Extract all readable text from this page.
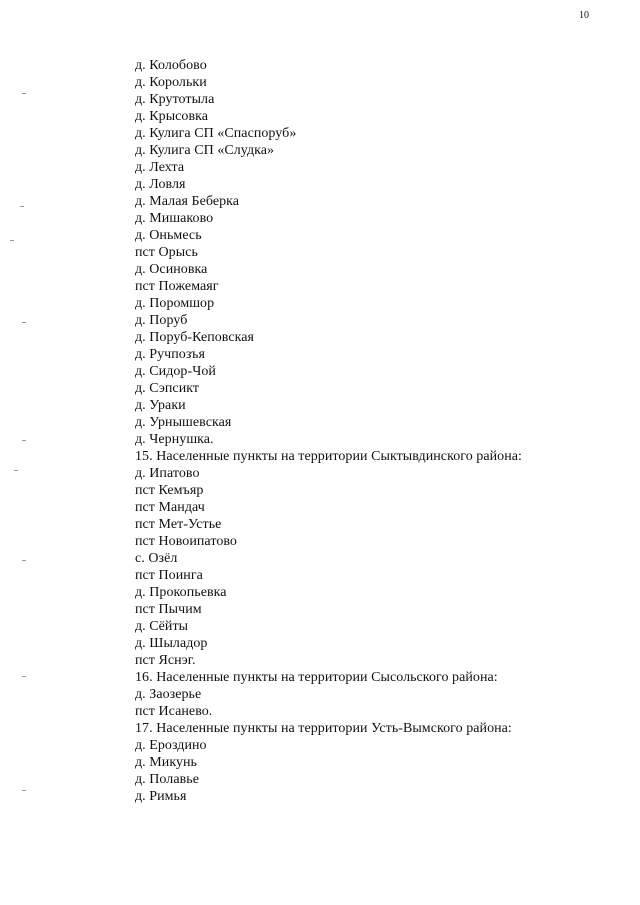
10
д. Колобово
д. Корольки
д. Крутотыла
д. Крысовка
д. Кулига СП «Спаспоруб»
д. Кулига СП «Слудка»
д. Лехта
д. Ловля
д. Малая Беберка
д. Мишаково
д. Оньмесь
пст Орысь
д. Осиновка
пст Пожемаяг
д. Поромшор
д. Поруб
д. Поруб-Кеповская
д. Ручпозъя
д. Сидор-Чой
д. Сэпсикт
д. Ураки
д. Урнышевская
д. Чернушка.
15. Населенные пункты на территории Сыктывдинского района:
д. Ипатово
пст Кемъяр
пст Мандач
пст Мет-Устье
пст Новоипатово
с. Озёл
пст Поинга
д. Прокопьевка
пст Пычим
д. Сёйты
д. Шыладор
пст Яснэг.
16. Населенные пункты на территории Сысольского района:
д. Заозерье
пст Исанево.
17. Населенные пункты на территории Усть-Вымского района:
д. Ероздино
д. Микунь
д. Полавье
д. Римья
